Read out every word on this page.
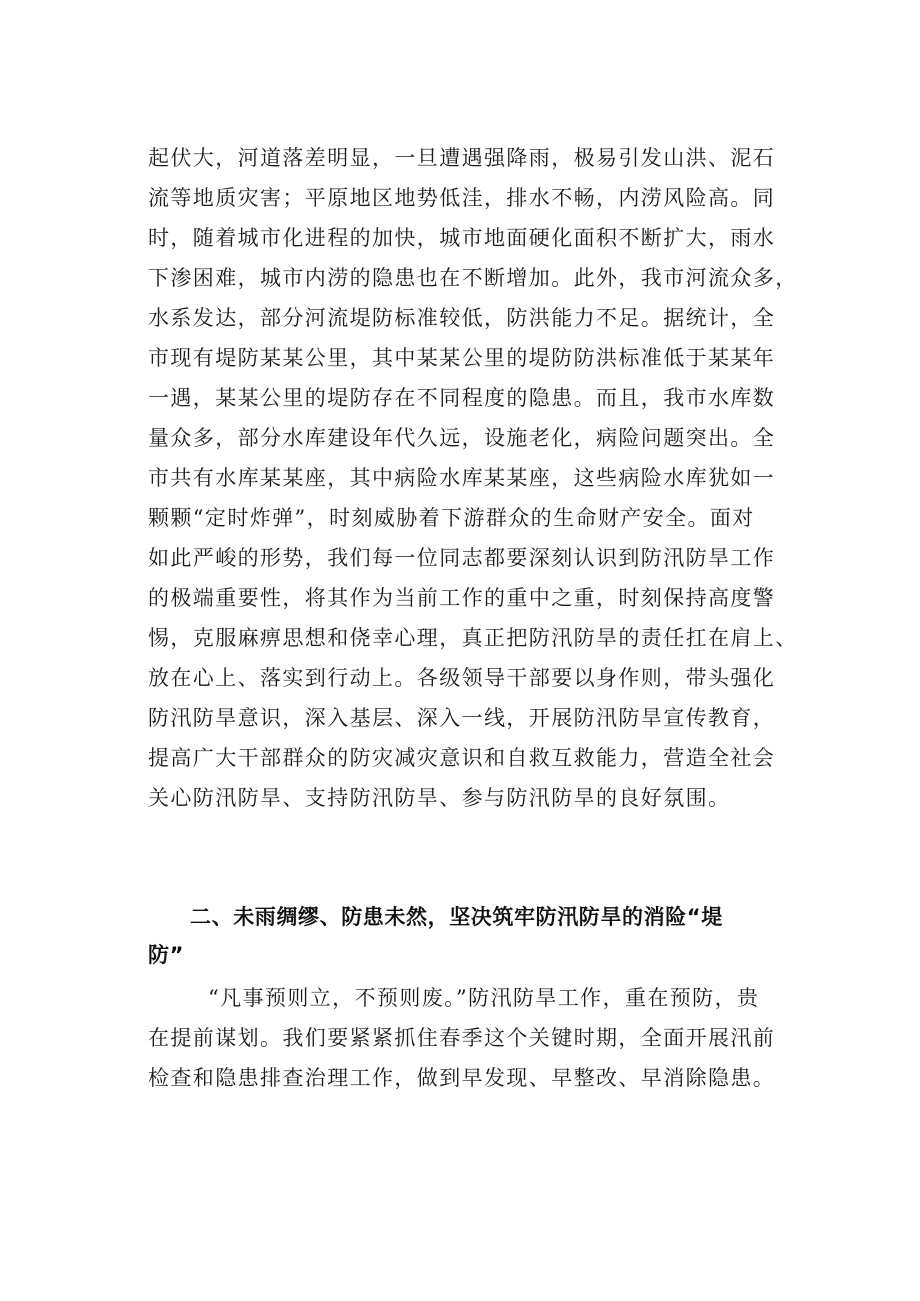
起伏大，河道落差明显，一旦遭遇强降雨，极易引发山洪、泥石
流等地质灾害；平原地区地势低洼，排水不畅，内涝风险高。同
时，随着城市化进程的加快，城市地面硬化面积不断扩大，雨水
下渗困难，城市内涝的隐患也在不断增加。此外，我市河流众多，
水系发达，部分河流堤防标准较低，防洪能力不足。据统计，全
市现有堤防某某公里，其中某某公里的堤防防洪标准低于某某年
一遇，某某公里的堤防存在不同程度的隐患。而且，我市水库数
量众多，部分水库建设年代久远，设施老化，病险问题突出。全
市共有水库某某座，其中病险水库某某座，这些病险水库犹如一
颗颗“定时炸弹”，时刻威胁着下游群众的生命财产安全。面对
如此严峻的形势，我们每一位同志都要深刻认识到防汛防旱工作
的极端重要性，将其作为当前工作的重中之重，时刻保持高度警
惕，克服麻痹思想和侥幸心理，真正把防汛防旱的责任扛在肩上、
放在心上、落实到行动上。各级领导干部要以身作则，带头强化
防汛防旱意识，深入基层、深入一线，开展防汛防旱宣传教育，
提高广大干部群众的防灾减灾意识和自救互救能力，营造全社会
关心防汛防旱、支持防汛防旱、参与防汛防旱的良好氛围。
二、未雨绸缪、防患未然，坚决筑牢防汛防旱的消险“堤
防”
“凡事预则立，不预则废。”防汛防旱工作，重在预防，贵
在提前谋划。我们要紧紧抓住春季这个关键时期，全面开展汛前
检查和隐患排查治理工作，做到早发现、早整改、早消除隐患。
